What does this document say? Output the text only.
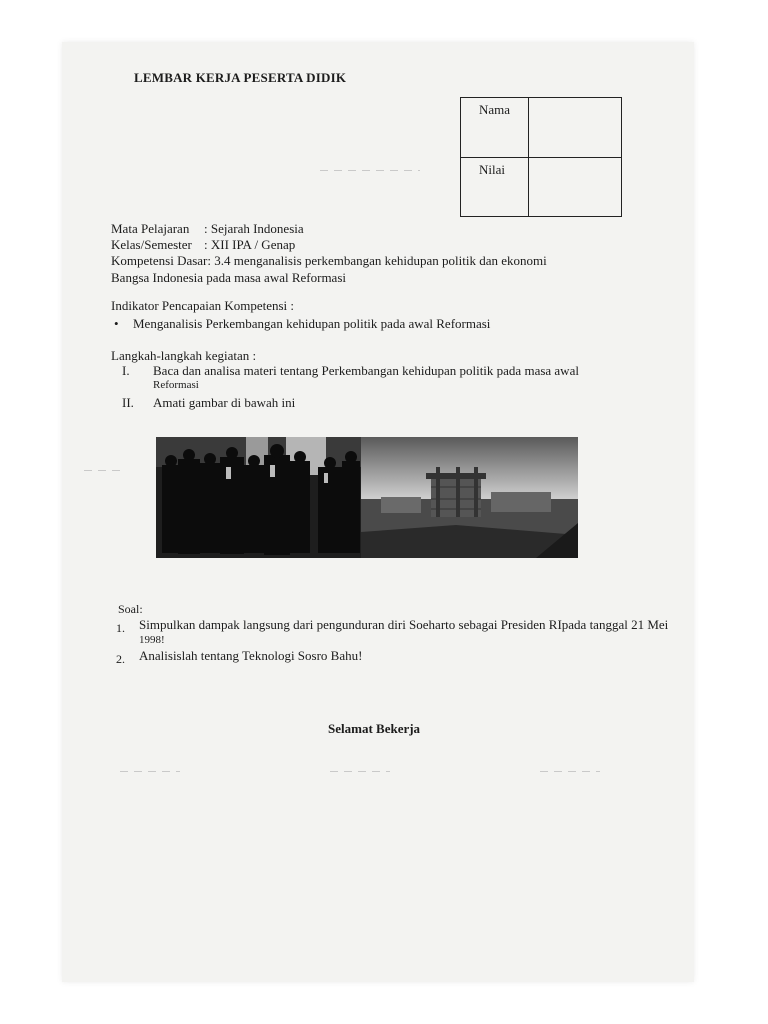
LEMBAR KERJA PESERTA DIDIK
Nama
Nilai
Mata Pelajaran : Sejarah Indonesia
Kelas/Semester : XII IPA / Genap
Kompetensi Dasar: 3.4 menganalisis perkembangan kehidupan politik dan ekonomi
Bangsa Indonesia pada masa awal Reformasi
Indikator Pencapaian Kompetensi :
• Menganalisis Perkembangan kehidupan politik pada awal Reformasi
Langkah-langkah kegiatan :
I. Baca dan analisa materi tentang Perkembangan kehidupan politik pada masa awal
Reformasi
II. Amati gambar di bawah ini
Soal:
1. Simpulkan dampak langsung dari pengunduran diri Soeharto sebagai Presiden RIpada tanggal 21 Mei
1998!
2. Analisislah tentang Teknologi Sosro Bahu!
Selamat Bekerja
